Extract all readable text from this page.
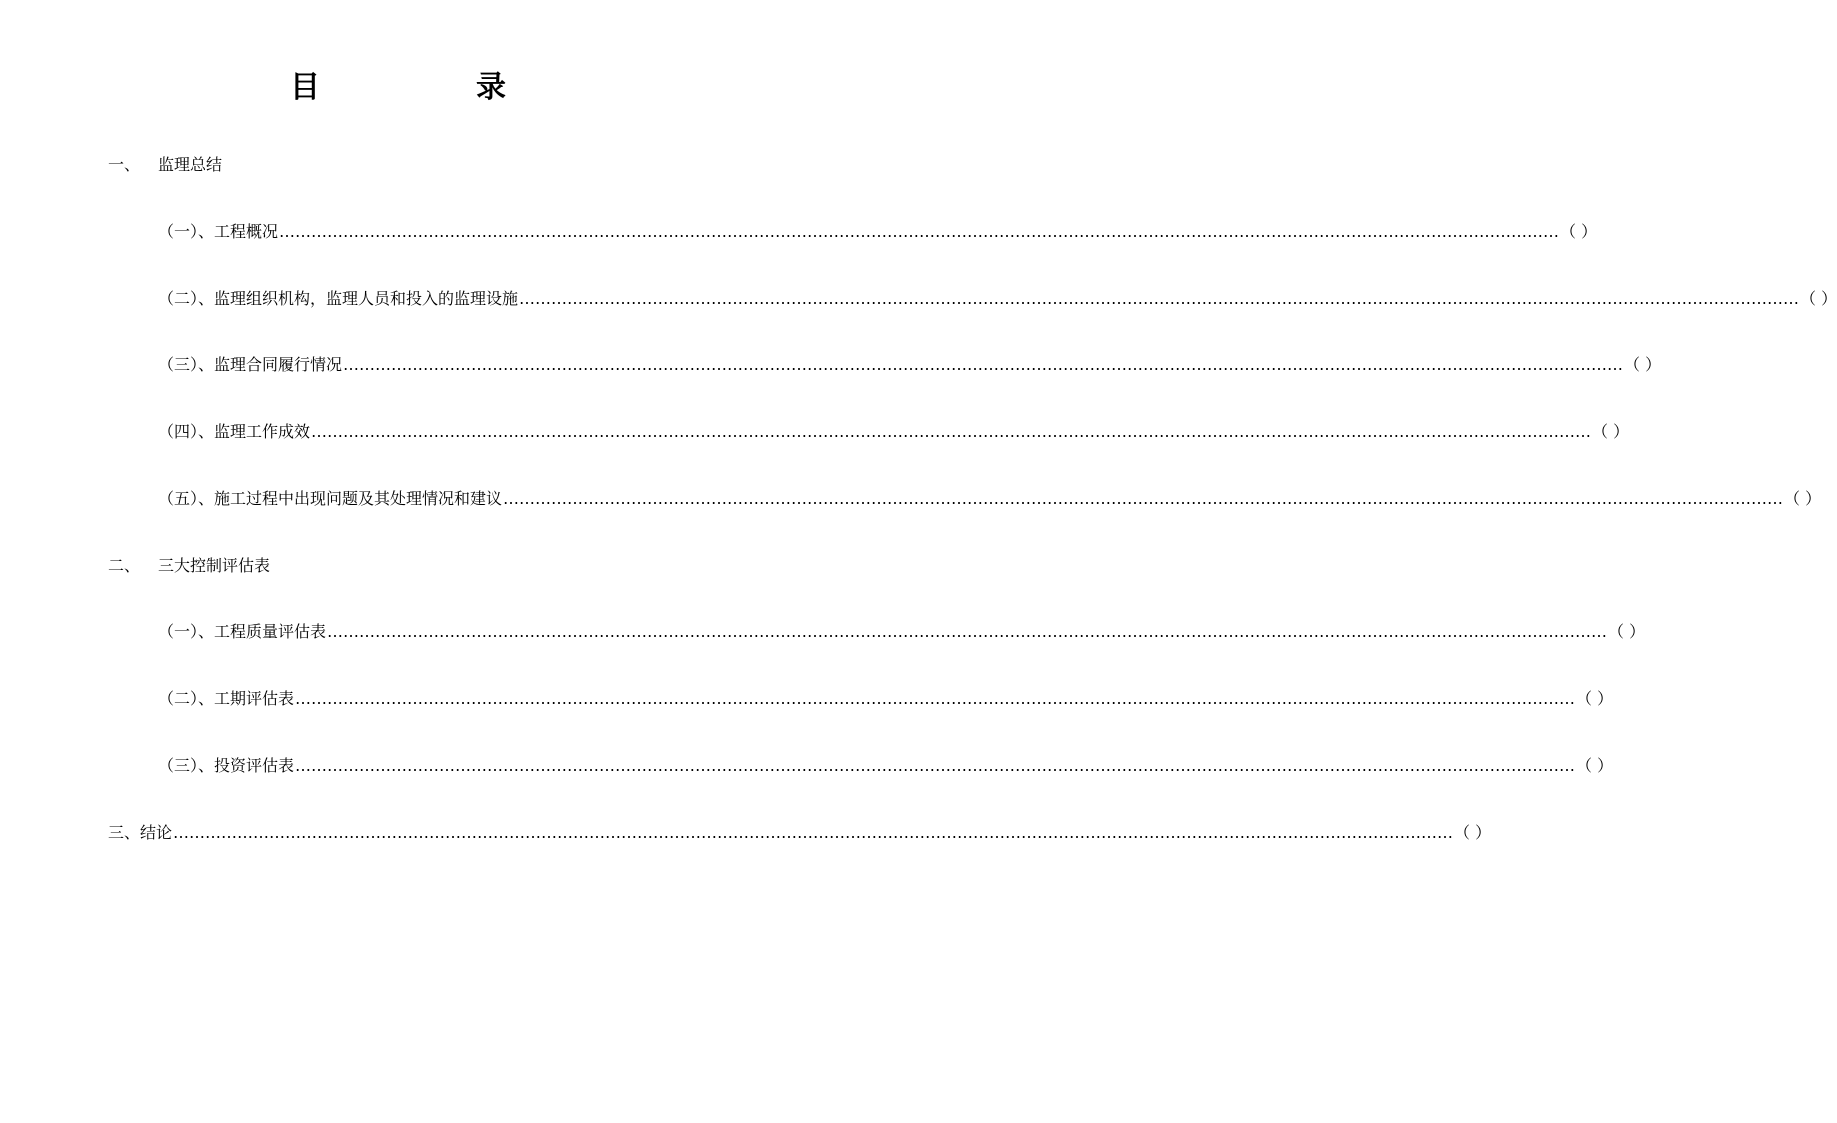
目	录
一、	监理总结
（一）、工程概况 …………………………………………………………………………………………………………………………………………………………………………………………………………………… （ ）
（二）、监理组织机构，监理人员和投入的监理设施 …………………………………………………………………………………………………………………………………………………………………………………………………………………… （ ）
（三）、监理合同履行情况 …………………………………………………………………………………………………………………………………………………………………………………………………………………… （ ）
（四）、监理工作成效 …………………………………………………………………………………………………………………………………………………………………………………………………………………… （ ）
（五）、施工过程中出现问题及其处理情况和建议 …………………………………………………………………………………………………………………………………………………………………………………………………………………… （ ）
二、	三大控制评估表
（一）、工程质量评估表 …………………………………………………………………………………………………………………………………………………………………………………………………………………… （ ）
（二）、工期评估表 …………………………………………………………………………………………………………………………………………………………………………………………………………………… （ ）
（三）、投资评估表 …………………………………………………………………………………………………………………………………………………………………………………………………………………… （ ）
三、 结论 …………………………………………………………………………………………………………………………………………………………………………………………………………………… （ ）
